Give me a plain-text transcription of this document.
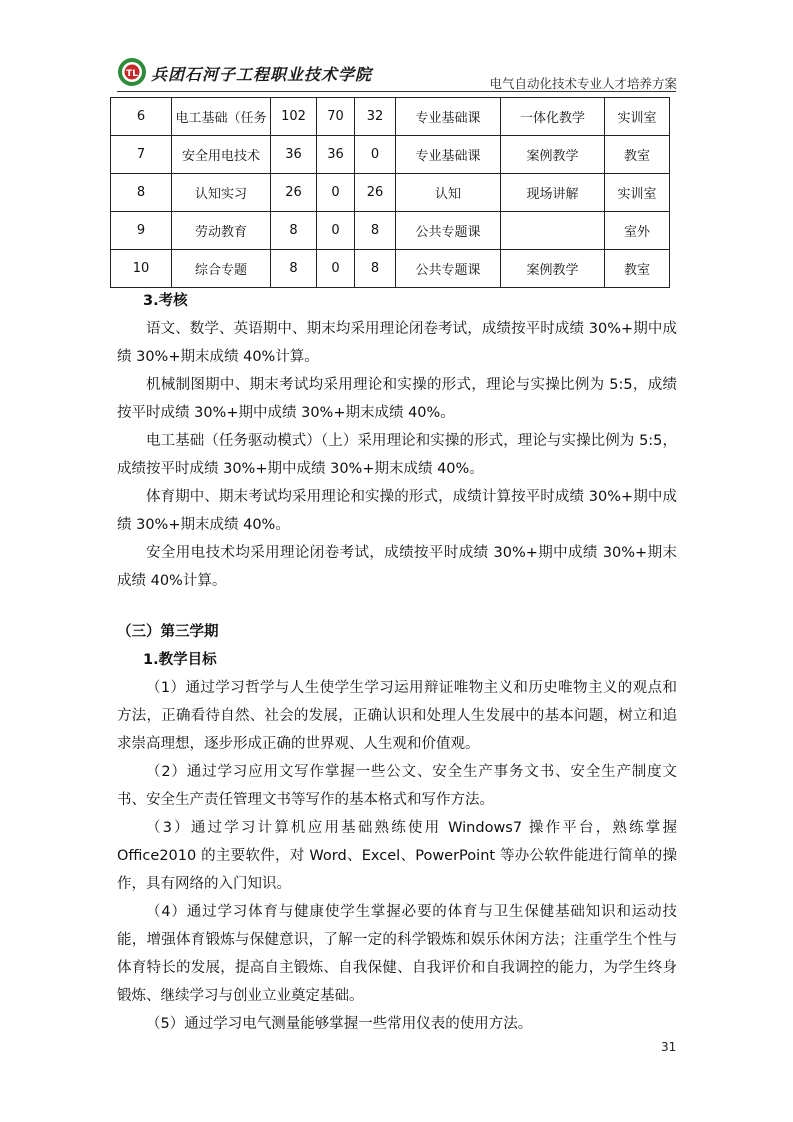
TL 兵团石河子工程职业技术学院	电气自动化技术专业人才培养方案
6	电工基础（任务	102	70	32	专业基础课	一体化教学	实训室
7	安全用电技术	36	36	0	专业基础课	案例教学	教室
8	认知实习	26	0	26	认知	现场讲解	实训室
9	劳动教育	8	0	8	公共专题课		室外
10	综合专题	8	0	8	公共专题课	案例教学	教室

3.考核

语文、数学、英语期中、期末均采用理论闭卷考试，成绩按平时成绩 30%+期中成绩 30%+期末成绩 40%计算。

机械制图期中、期末考试均采用理论和实操的形式，理论与实操比例为 5:5，成绩按平时成绩 30%+期中成绩 30%+期末成绩 40%。

电工基础（任务驱动模式）（上）采用理论和实操的形式，理论与实操比例为 5:5，成绩按平时成绩 30%+期中成绩 30%+期末成绩 40%。

体育期中、期末考试均采用理论和实操的形式，成绩计算按平时成绩 30%+期中成绩 30%+期末成绩 40%。

安全用电技术均采用理论闭卷考试，成绩按平时成绩 30%+期中成绩 30%+期末成绩 40%计算。

（三）第三学期

1.教学目标

（1）通过学习哲学与人生使学生学习运用辩证唯物主义和历史唯物主义的观点和方法，正确看待自然、社会的发展，正确认识和处理人生发展中的基本问题，树立和追求崇高理想，逐步形成正确的世界观、人生观和价值观。

（2）通过学习应用文写作掌握一些公文、安全生产事务文书、安全生产制度文书、安全生产责任管理文书等写作的基本格式和写作方法。

（3）通过学习计算机应用基础熟练使用 Windows7 操作平台，熟练掌握 Office2010 的主要软件，对 Word、Excel、PowerPoint 等办公软件能进行简单的操作，具有网络的入门知识。

（4）通过学习体育与健康使学生掌握必要的体育与卫生保健基础知识和运动技能，增强体育锻炼与保健意识，了解一定的科学锻炼和娱乐休闲方法；注重学生个性与体育特长的发展，提高自主锻炼、自我保健、自我评价和自我调控的能力，为学生终身锻炼、继续学习与创业立业奠定基础。

（5）通过学习电气测量能够掌握一些常用仪表的使用方法。

31
